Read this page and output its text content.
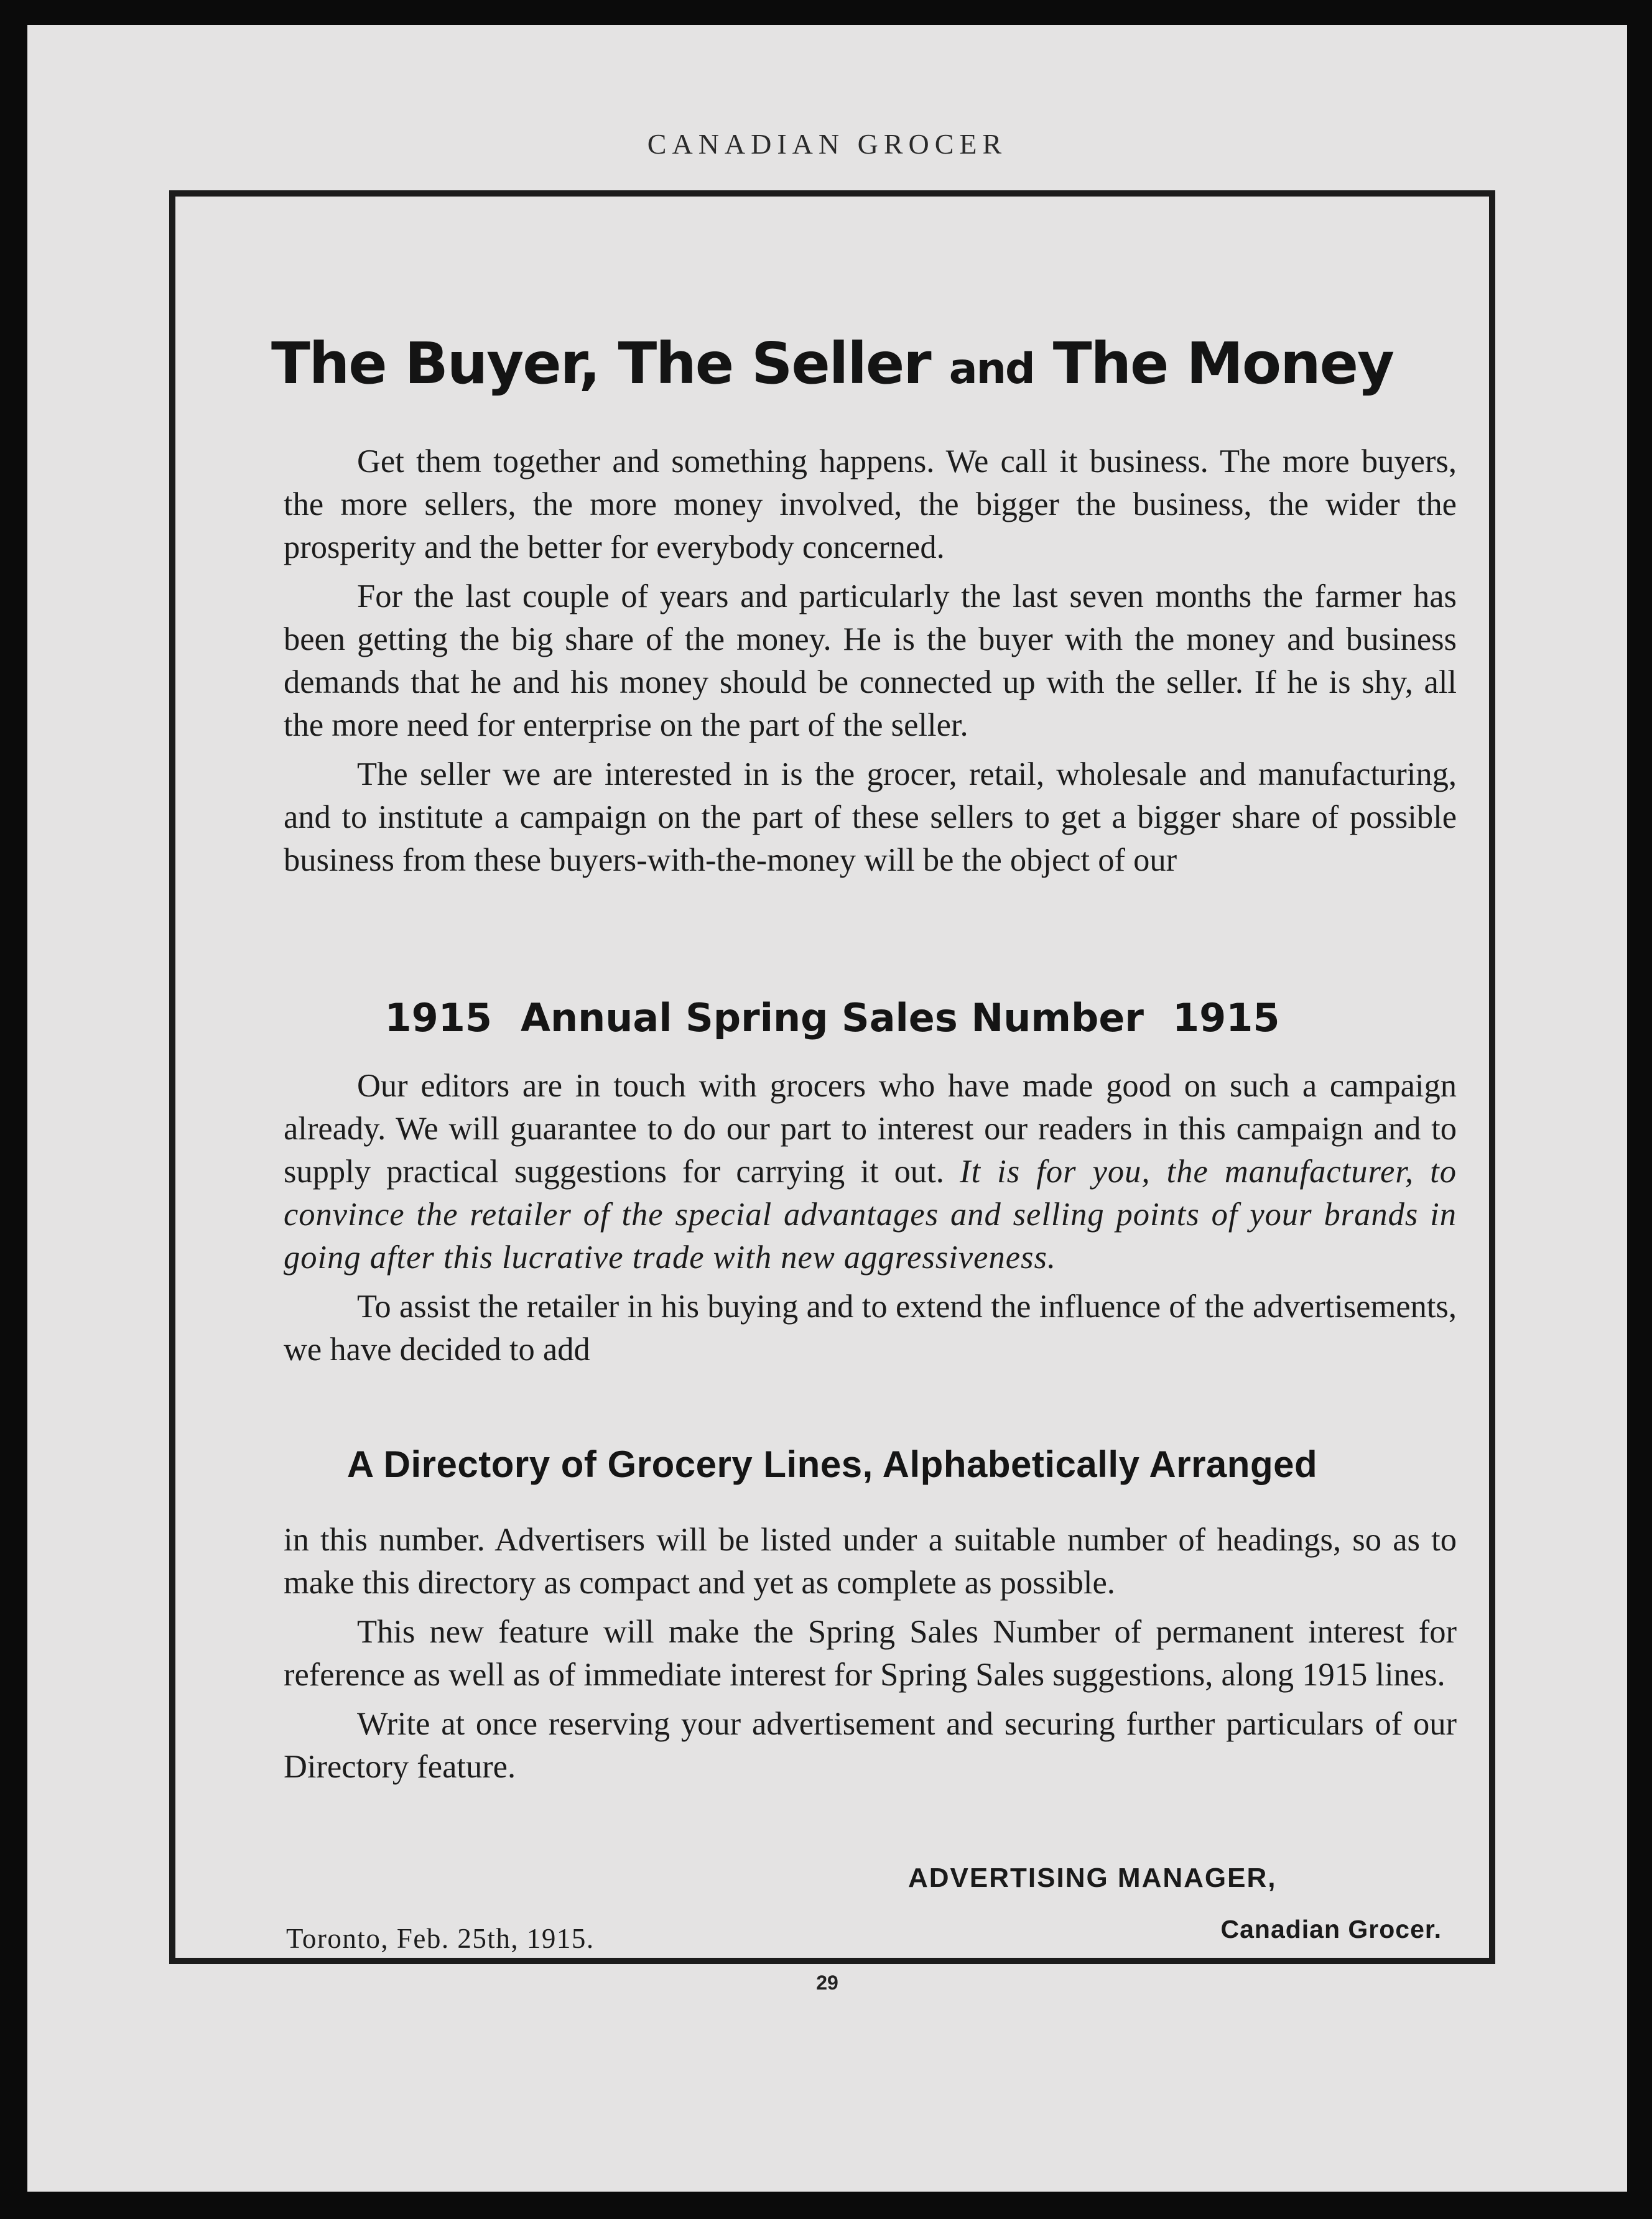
CANADIAN GROCER
The Buyer, The Seller and The Money

Get them together and something happens. We call it business. The more buyers, the more sellers, the more money involved, the bigger the business, the wider the prosperity and the better for everybody concerned.

For the last couple of years and particularly the last seven months the farmer has been getting the big share of the money. He is the buyer with the money and business demands that he and his money should be connected up with the seller. If he is shy, all the more need for enterprise on the part of the seller.

The seller we are interested in is the grocer, retail, wholesale and manufacturing, and to institute a campaign on the part of these sellers to get a bigger share of possible business from these buyers-with-the-money will be the object of our

1915 Annual Spring Sales Number 1915

Our editors are in touch with grocers who have made good on such a campaign already. We will guarantee to do our part to interest our readers in this campaign and to supply practical suggestions for carrying it out. It is for you, the manufacturer, to convince the retailer of the special advantages and selling points of your brands in going after this lucrative trade with new aggressiveness.

To assist the retailer in his buying and to extend the influence of the advertisements, we have decided to add

A Directory of Grocery Lines, Alphabetically Arranged

in this number. Advertisers will be listed under a suitable number of headings, so as to make this directory as compact and yet as complete as possible.

This new feature will make the Spring Sales Number of permanent interest for reference as well as of immediate interest for Spring Sales suggestions, along 1915 lines.

Write at once reserving your advertisement and securing further particulars of our Directory feature.

ADVERTISING MANAGER,
Canadian Grocer.
Toronto, Feb. 25th, 1915.
29
